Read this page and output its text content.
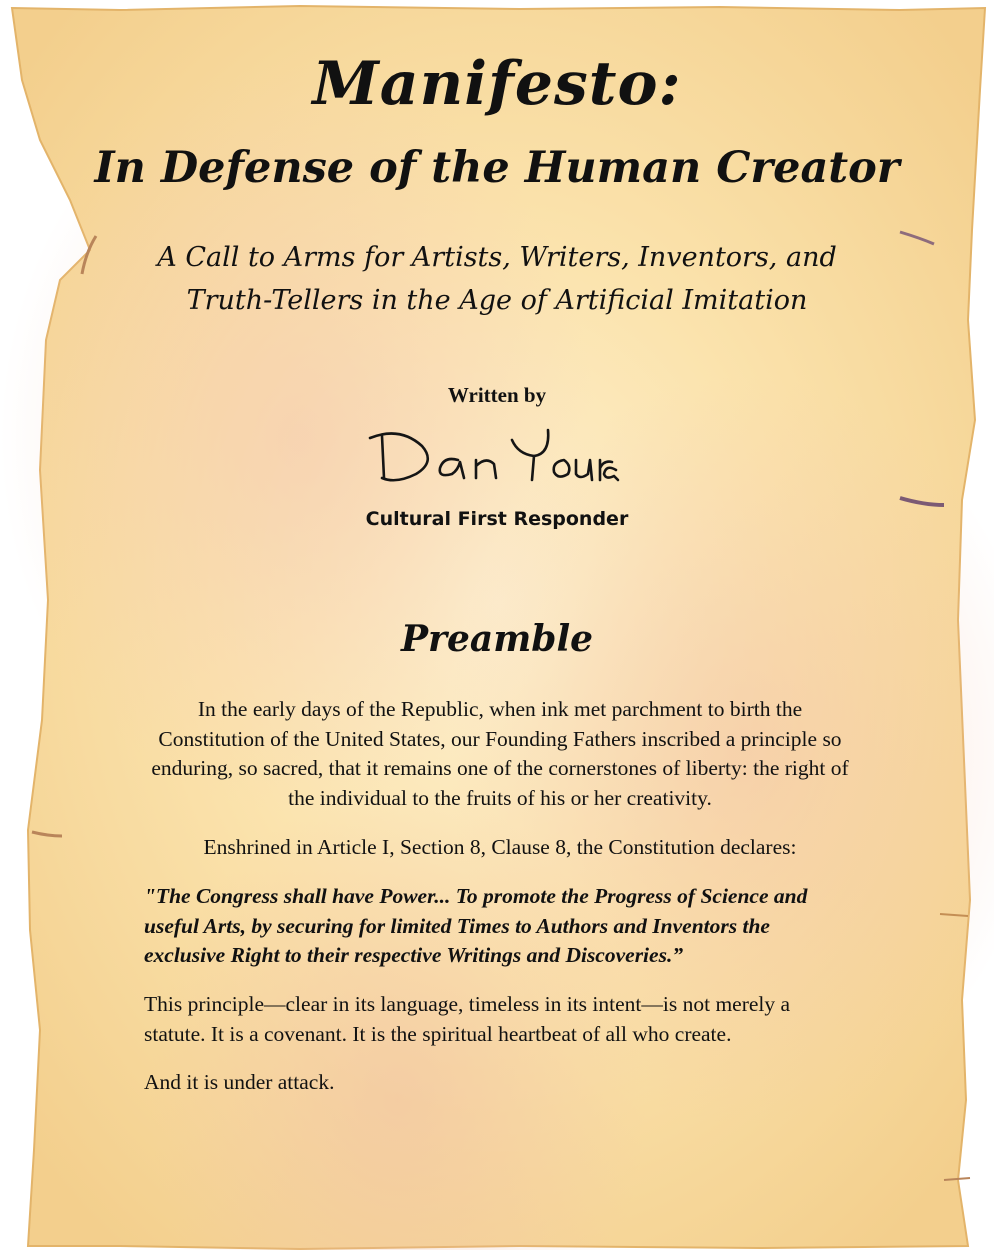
Manifesto:
In Defense of the Human Creator

A Call to Arms for Artists, Writers, Inventors, and Truth-Tellers in the Age of Artificial Imitation

Written by
Cultural First Responder
Preamble

In the early days of the Republic, when ink met parchment to birth the Constitution of the United States, our Founding Fathers inscribed a principle so enduring, so sacred, that it remains one of the cornerstones of liberty: the right of the individual to the fruits of his or her creativity.

Enshrined in Article I, Section 8, Clause 8, the Constitution declares:

"The Congress shall have Power... To promote the Progress of Science and useful Arts, by securing for limited Times to Authors and Inventors the exclusive Right to their respective Writings and Discoveries.”

This principle—clear in its language, timeless in its intent—is not merely a statute. It is a covenant. It is the spiritual heartbeat of all who create.

And it is under attack.
